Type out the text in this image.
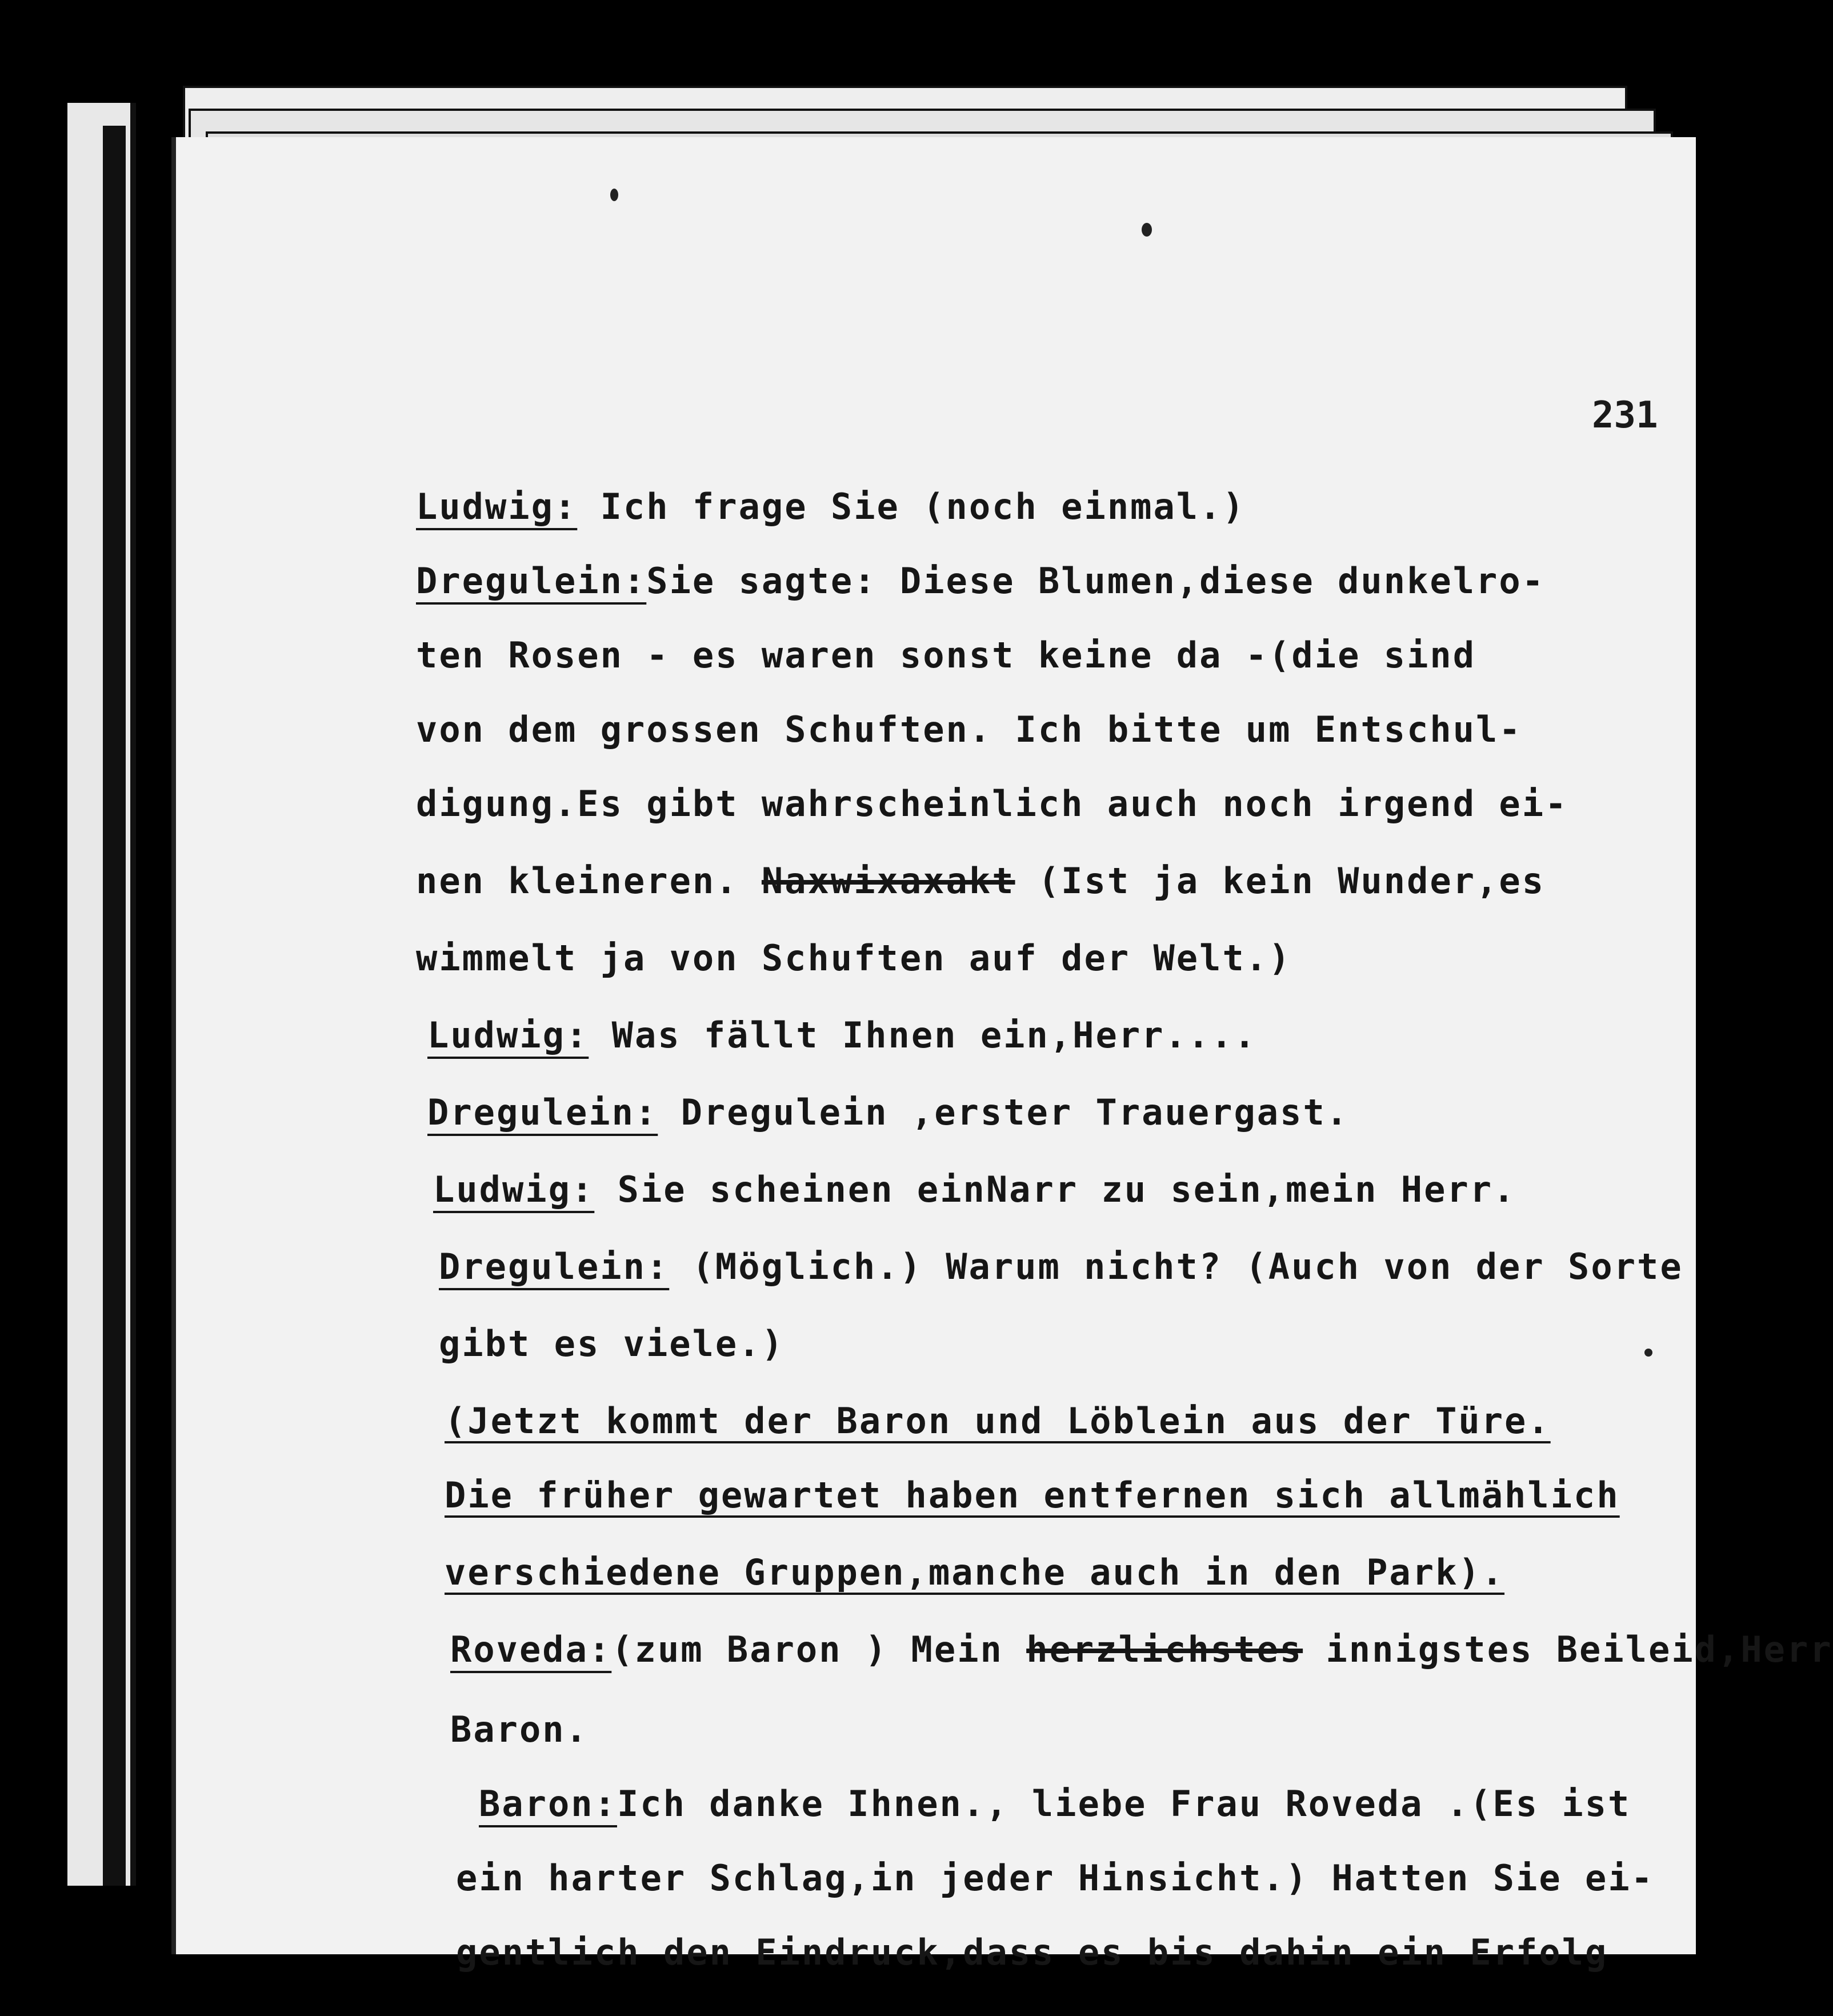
231
Ludwig: Ich frage Sie (noch einmal.)
Dregulein:Sie sagte: Diese Blumen,diese dunkelro-
ten Rosen - es waren sonst keine da -(die sind
von dem grossen Schuften. Ich bitte um Entschul-
digung.Es gibt wahrscheinlich auch noch irgend ei-
nen kleineren. Naxwixaxakt (Ist ja kein Wunder,es
wimmelt ja von Schuften auf der Welt.)
Ludwig: Was fällt Ihnen ein,Herr....
Dregulein: Dregulein ,erster Trauergast.
Ludwig: Sie scheinen einNarr zu sein,mein Herr.
Dregulein: (Möglich.) Warum nicht? (Auch von der Sorte
gibt es viele.)
(Jetzt kommt der Baron und Löblein aus der Türe.
Die früher gewartet haben entfernen sich allmählich
verschiedene Gruppen,manche auch in den Park).
Roveda:(zum Baron ) Mein herzlichstes innigstes Beileid,Herr
Baron.
Baron:Ich danke Ihnen., liebe Frau Roveda .(Es ist
ein harter Schlag,in jeder Hinsicht.) Hatten Sie ei-
gentlich den Eindruck,dass es bis dahin ein Erfolg
